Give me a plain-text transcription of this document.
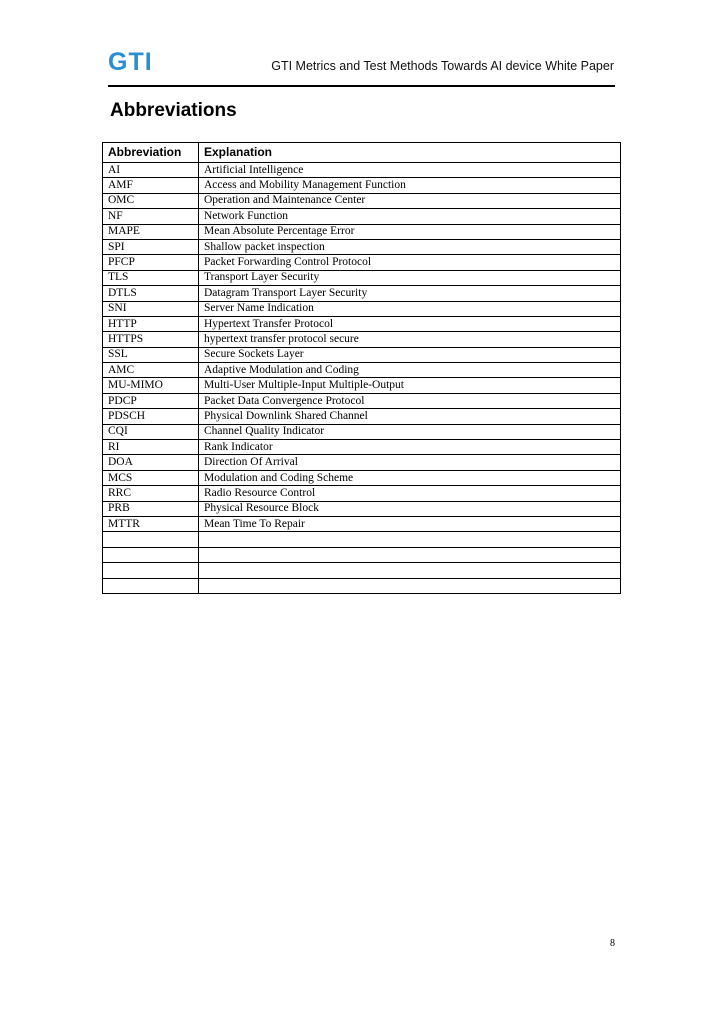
GTI	GTI Metrics and Test Methods Towards AI device White Paper
Abbreviations
Abbreviation	Explanation
AI	Artificial Intelligence
AMF	Access and Mobility Management Function
OMC	Operation and Maintenance Center
NF	Network Function
MAPE	Mean Absolute Percentage Error
SPI	Shallow packet inspection
PFCP	Packet Forwarding Control Protocol
TLS	Transport Layer Security
DTLS	Datagram Transport Layer Security
SNI	Server Name Indication
HTTP	Hypertext Transfer Protocol
HTTPS	hypertext transfer protocol secure
SSL	Secure Sockets Layer
AMC	Adaptive Modulation and Coding
MU-MIMO	Multi-User Multiple-Input Multiple-Output
PDCP	Packet Data Convergence Protocol
PDSCH	Physical Downlink Shared Channel
CQI	Channel Quality Indicator
RI	Rank Indicator
DOA	Direction Of Arrival
MCS	Modulation and Coding Scheme
RRC	Radio Resource Control
PRB	Physical Resource Block
MTTR	Mean Time To Repair

8
